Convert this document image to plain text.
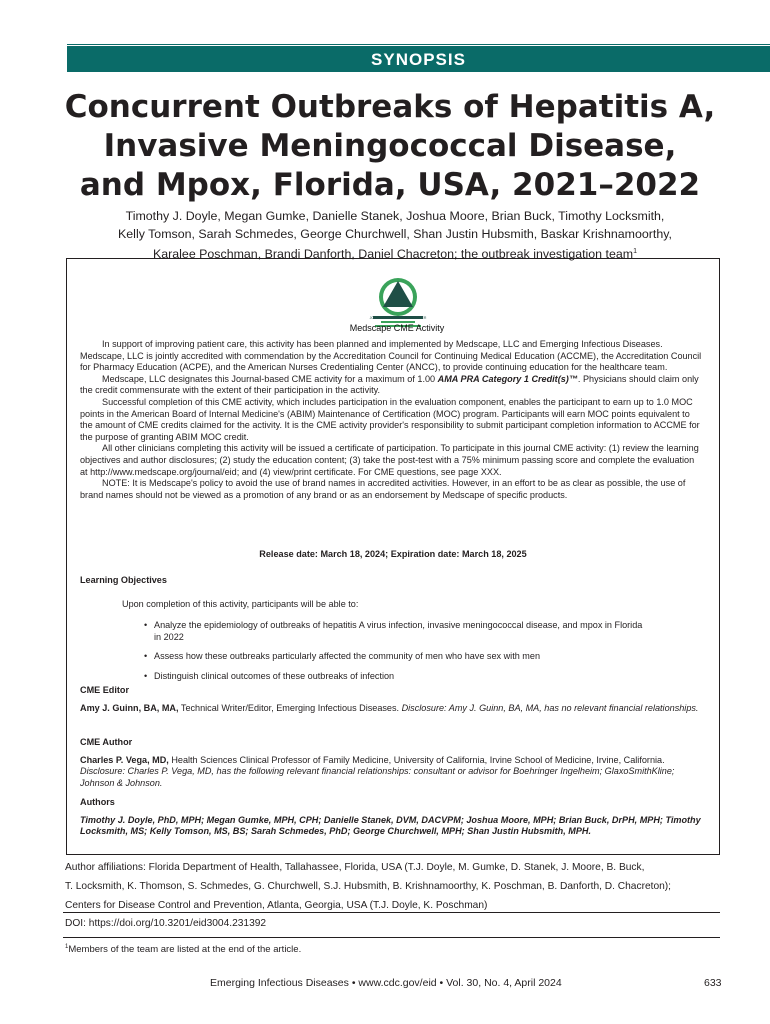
SYNOPSIS
Concurrent Outbreaks of Hepatitis A,
Invasive Meningococcal Disease,
and Mpox, Florida, USA, 2021–2022
Timothy J. Doyle, Megan Gumke, Danielle Stanek, Joshua Moore, Brian Buck, Timothy Locksmith,
Kelly Tomson, Sarah Schmedes, George Churchwell, Shan Justin Hubsmith, Baskar Krishnamoorthy,
Karalee Poschman, Brandi Danforth, Daniel Chacreton; the outbreak investigation team$^1$
JOINTLY ACCREDITED PROVIDER
Medscape CME Activity

In support of improving patient care, this activity has been planned and implemented by Medscape, LLC and Emerging Infectious Diseases. Medscape, LLC is jointly accredited with commendation by the Accreditation Council for Continuing Medical Education (ACCME), the Accreditation Council for Pharmacy Education (ACPE), and the American Nurses Credentialing Center (ANCC), to provide continuing education for the healthcare team.

Medscape, LLC designates this Journal-based CME activity for a maximum of 1.00 AMA PRA Category 1 Credit(s)™. Physicians should claim only the credit commensurate with the extent of their participation in the activity.

Successful completion of this CME activity, which includes participation in the evaluation component, enables the participant to earn up to 1.0 MOC points in the American Board of Internal Medicine's (ABIM) Maintenance of Certification (MOC) program. Participants will earn MOC points equivalent to the amount of CME credits claimed for the activity. It is the CME activity provider's responsibility to submit participant completion information to ACCME for the purpose of granting ABIM MOC credit.

All other clinicians completing this activity will be issued a certificate of participation. To participate in this journal CME activity: (1) review the learning objectives and author disclosures; (2) study the education content; (3) take the post-test with a 75% minimum passing score and complete the evaluation at http://www.medscape.org/journal/eid; and (4) view/print certificate. For CME questions, see page XXX.

NOTE: It is Medscape's policy to avoid the use of brand names in accredited activities. However, in an effort to be as clear as possible, the use of brand names should not be viewed as a promotion of any brand or as an endorsement by Medscape of specific products.

Release date: March 18, 2024; Expiration date: March 18, 2025
Learning Objectives
Upon completion of this activity, participants will be able to:
• Analyze the epidemiology of outbreaks of hepatitis A virus infection, invasive meningococcal disease, and mpox in Florida in 2022
• Assess how these outbreaks particularly affected the community of men who have sex with men
• Distinguish clinical outcomes of these outbreaks of infection
CME Editor
Amy J. Guinn, BA, MA, Technical Writer/Editor, Emerging Infectious Diseases. Disclosure: Amy J. Guinn, BA, MA, has no relevant financial relationships.
CME Author
Charles P. Vega, MD, Health Sciences Clinical Professor of Family Medicine, University of California, Irvine School of Medicine, Irvine, California. Disclosure: Charles P. Vega, MD, has the following relevant financial relationships: consultant or advisor for Boehringer Ingelheim; GlaxoSmithKline; Johnson & Johnson.
Authors
Timothy J. Doyle, PhD, MPH; Megan Gumke, MPH, CPH; Danielle Stanek, DVM, DACVPM; Joshua Moore, MPH; Brian Buck, DrPH, MPH; Timothy Locksmith, MS; Kelly Tomson, MS, BS; Sarah Schmedes, PhD; George Churchwell, MPH; Shan Justin Hubsmith, MPH.
Author affiliations: Florida Department of Health, Tallahassee, Florida, USA (T.J. Doyle, M. Gumke, D. Stanek, J. Moore, B. Buck,
T. Locksmith, K. Thomson, S. Schmedes, G. Churchwell, S.J. Hubsmith, B. Krishnamoorthy, K. Poschman, B. Danforth, D. Chacreton);
Centers for Disease Control and Prevention, Atlanta, Georgia, USA (T.J. Doyle, K. Poschman)
DOI: https://doi.org/10.3201/eid3004.231392
$^1$Members of the team are listed at the end of the article.
Emerging Infectious Diseases • www.cdc.gov/eid • Vol. 30, No. 4, April 2024	633
